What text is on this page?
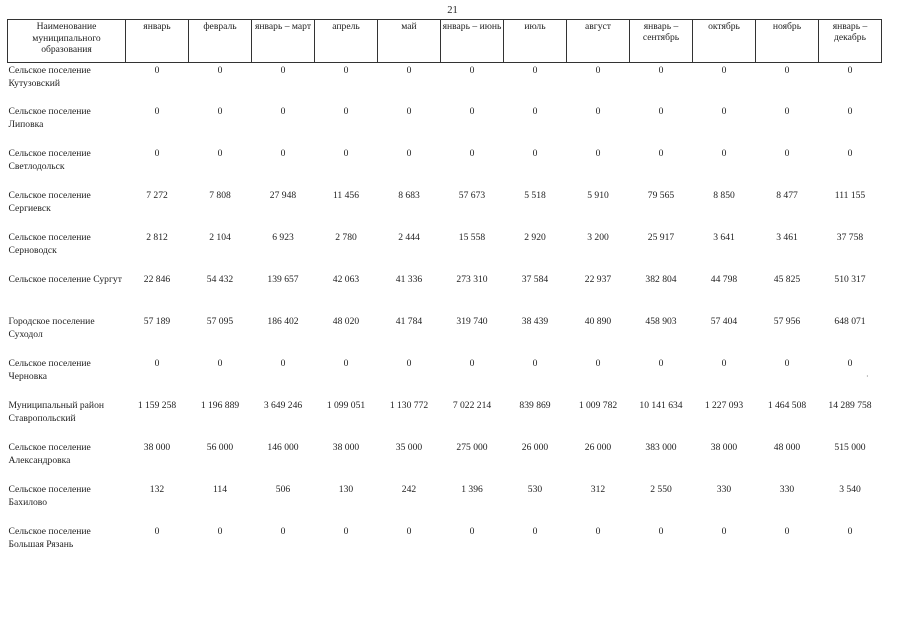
21
Наименование муниципального образования	январь	февраль	январь – март	апрель	май	январь – июнь	июль	август	январь – сентябрь	октябрь	ноябрь	январь – декабрь
Сельское поселение Кутузовский	0	0	0	0	0	0	0	0	0	0	0	0
Сельское поселение Липовка	0	0	0	0	0	0	0	0	0	0	0	0
Сельское поселение Светлодольск	0	0	0	0	0	0	0	0	0	0	0	0
Сельское поселение Сергиевск	7 272	7 808	27 948	11 456	8 683	57 673	5 518	5 910	79 565	8 850	8 477	111 155
Сельское поселение Серноводск	2 812	2 104	6 923	2 780	2 444	15 558	2 920	3 200	25 917	3 641	3 461	37 758
Сельское поселение Сургут	22 846	54 432	139 657	42 063	41 336	273 310	37 584	22 937	382 804	44 798	45 825	510 317
Городское поселение Суходол	57 189	57 095	186 402	48 020	41 784	319 740	38 439	40 890	458 903	57 404	57 956	648 071
Сельское поселение Черновка	0	0	0	0	0	0	0	0	0	0	0	0
Муниципальный район Ставропольский	1 159 258	1 196 889	3 649 246	1 099 051	1 130 772	7 022 214	839 869	1 009 782	10 141 634	1 227 093	1 464 508	14 289 758
Сельское поселение Александровка	38 000	56 000	146 000	38 000	35 000	275 000	26 000	26 000	383 000	38 000	48 000	515 000
Сельское поселение Бахилово	132	114	506	130	242	1 396	530	312	2 550	330	330	3 540
Сельское поселение Большая Рязань	0	0	0	0	0	0	0	0	0	0	0	0
·
